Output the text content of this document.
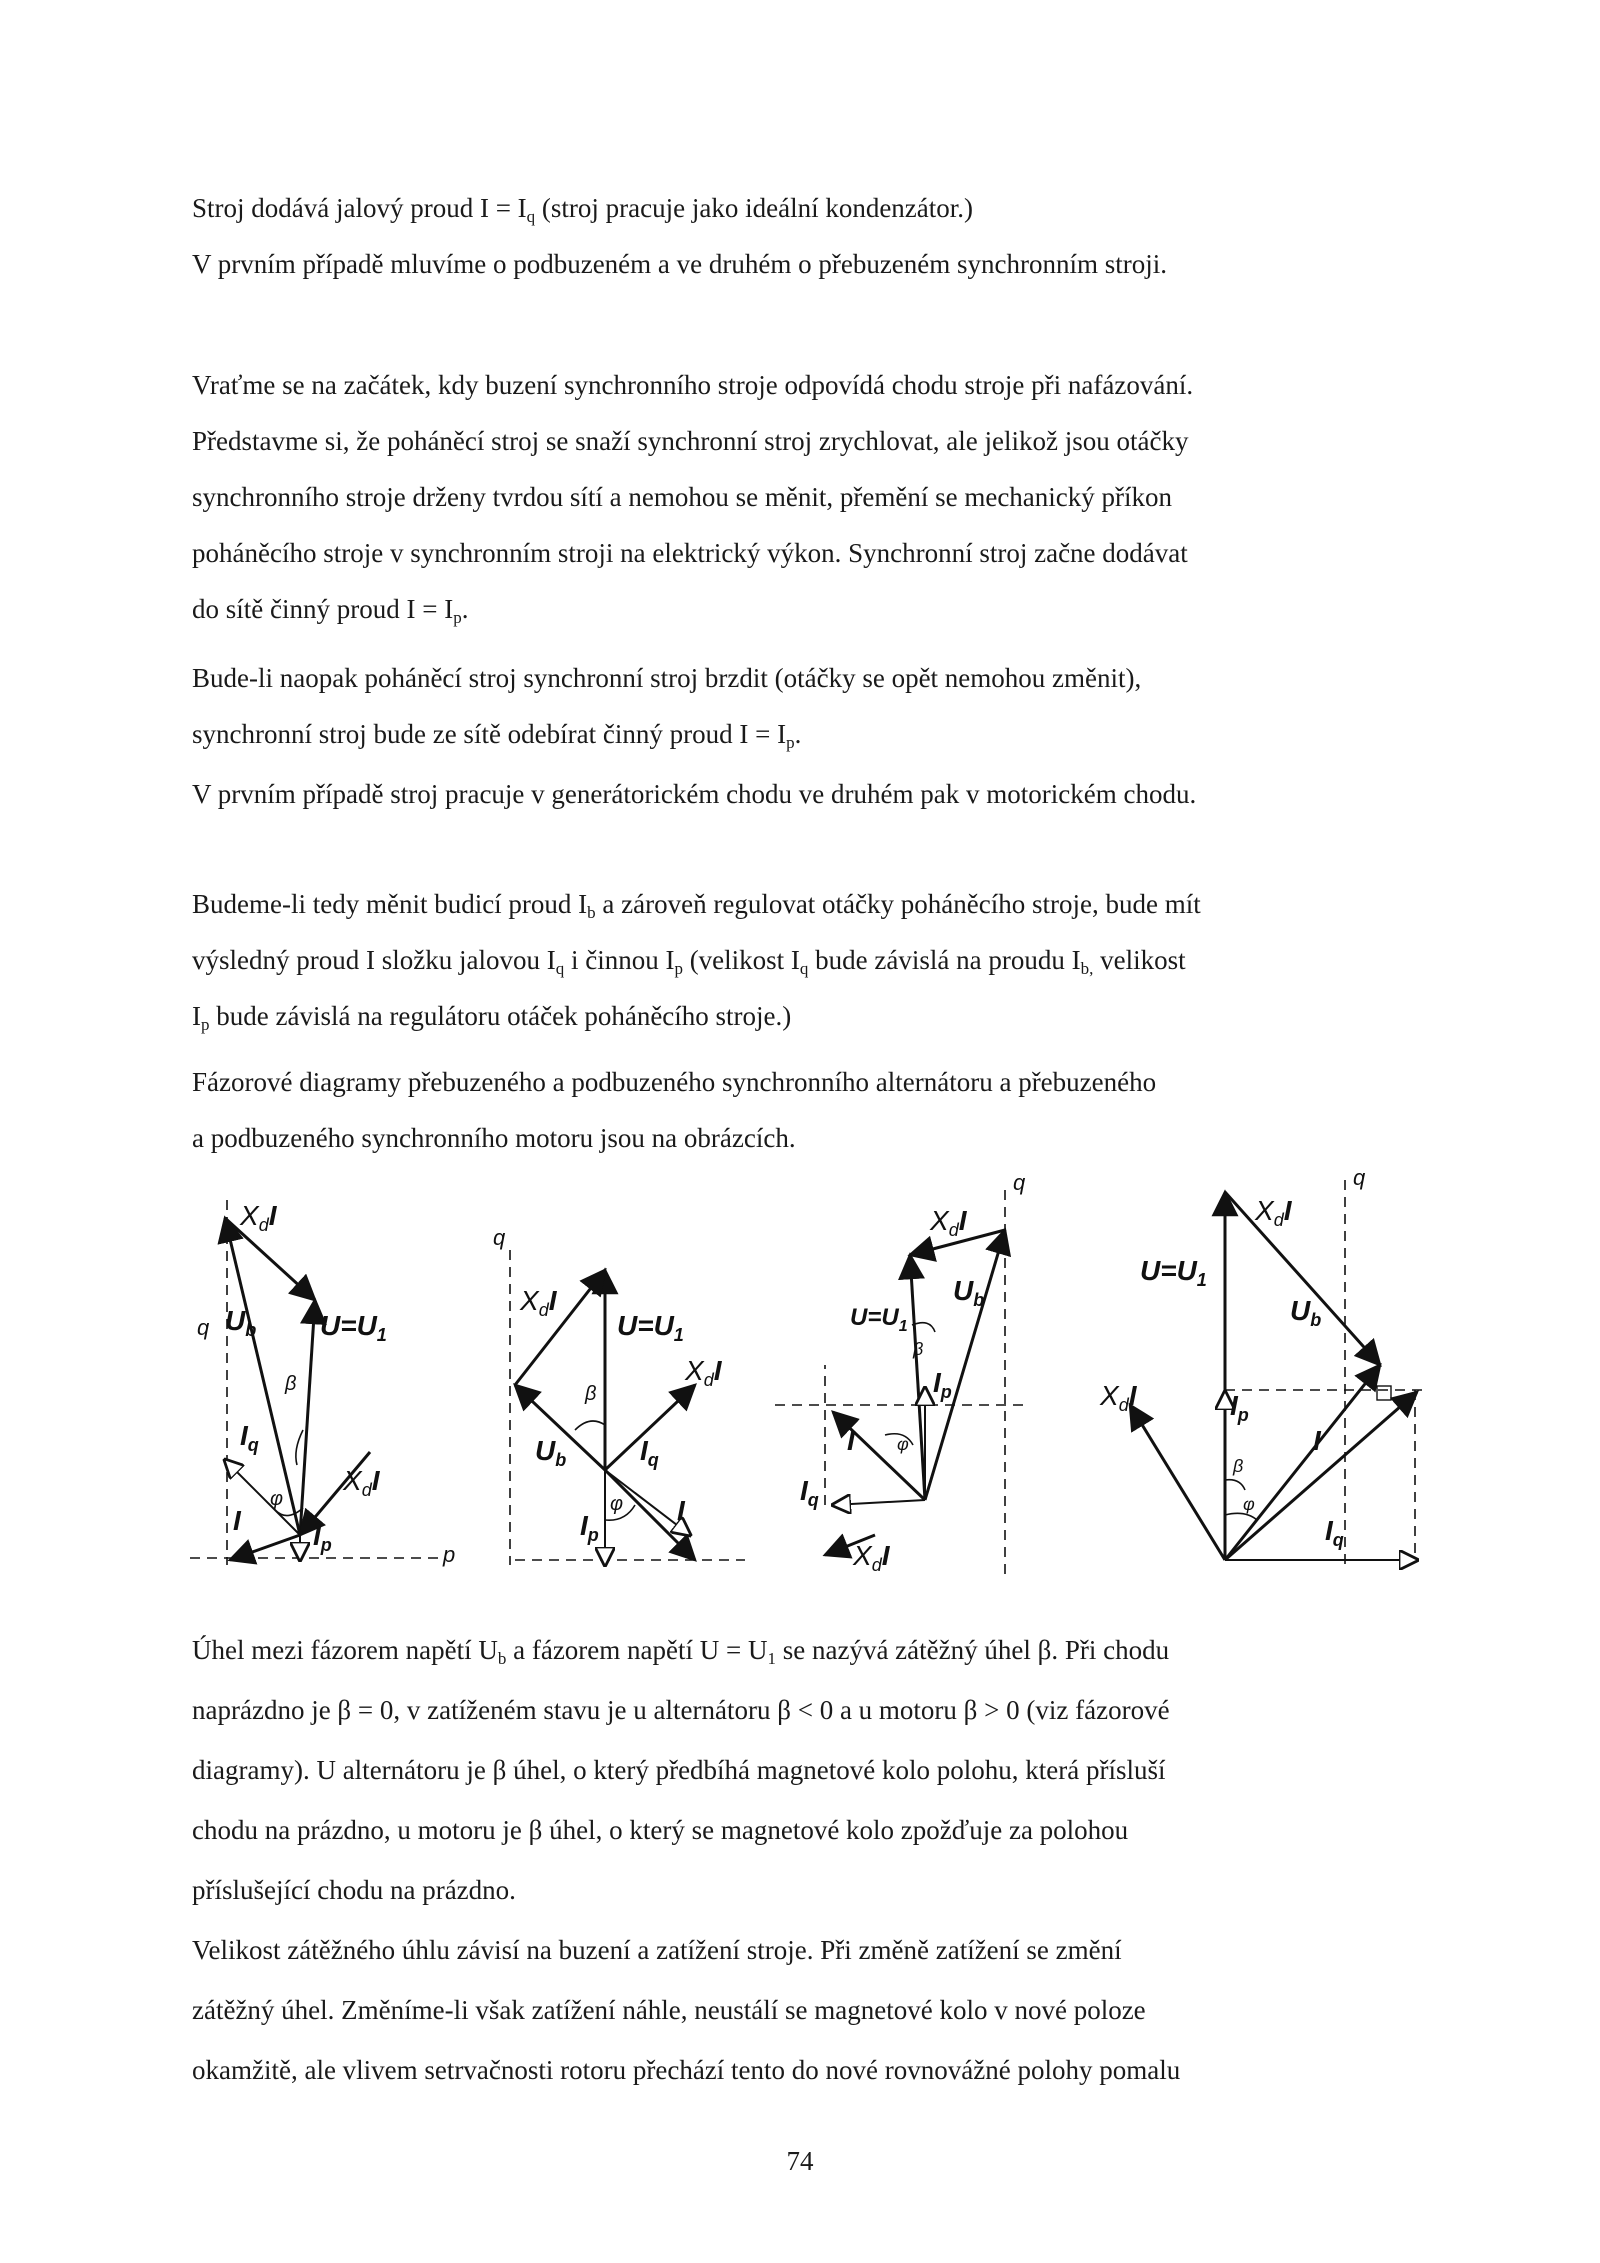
Stroj dodává jalový proud $I = I_q$ (stroj pracuje jako ideální kondenzátor.)
V prvním případě mluvíme o podbuzeném a ve druhém o přebuzeném synchronním stroji.
Vraťme se na začátek, kdy buzení synchronního stroje odpovídá chodu stroje při nafázování.
Představme si, že poháněcí stroj se snaží synchronní stroj zrychlovat, ale jelikož jsou otáčky
synchronního stroje drženy tvrdou sítí a nemohou se měnit, přemění se mechanický příkon
poháněcího stroje v synchronním stroji na elektrický výkon. Synchronní stroj začne dodávat
do sítě činný proud $I = I_p$.
Bude-li naopak poháněcí stroj synchronní stroj brzdit (otáčky se opět nemohou změnit),
synchronní stroj bude ze sítě odebírat činný proud $I = I_p$.
V prvním případě stroj pracuje v generátorickém chodu ve druhém pak v motorickém chodu.
Budeme-li tedy měnit budicí proud $I_b$ a zároveň regulovat otáčky poháněcího stroje, bude mít
výsledný proud I složku jalovou $I_q$ i činnou $I_p$ (velikost $I_q$ bude závislá na proudu $I_{b,}$ velikost
$I_p$ bude závislá na regulátoru otáček poháněcího stroje.)
Fázorové diagramy přebuzeného a podbuzeného synchronního alternátoru a přebuzeného
a podbuzeného synchronního motoru jsou na obrázcích.
$X_dI$
q $U_b$ $U=U_1$
β
$I_q$
φ
$X_dI$
I	$I_p$	p
q
$X_dI$
$U=U_1$
β
$X_dI$
$U_b$	$I_q$
φ
$I_p$
I
q
$X_dI$
$U=U_1$
$U_b$
$I_p$
β
I φ
$I_q$
$X_dI$
q
$X_dI$
$U=U_1$
$U_b$
$X_dI$	$I_p$
I
β
φ
$I_q$
Úhel mezi fázorem napětí $U_b$ a fázorem napětí $U = U_1$ se nazývá zátěžný úhel β. Při chodu
naprázdno je β = 0, v zatíženém stavu je u alternátoru β < 0 a u motoru β > 0 (viz fázorové
diagramy). U alternátoru je β úhel, o který předbíhá magnetové kolo polohu, která přísluší
chodu na prázdno, u motoru je β úhel, o který se magnetové kolo zpožďuje za polohou
příslušející chodu na prázdno.
Velikost zátěžného úhlu závisí na buzení a zatížení stroje. Při změně zatížení se změní
zátěžný úhel. Změníme-li však zatížení náhle, neustálí se magnetové kolo v nové poloze
okamžitě, ale vlivem setrvačnosti rotoru přechází tento do nové rovnovážné polohy pomalu
74
